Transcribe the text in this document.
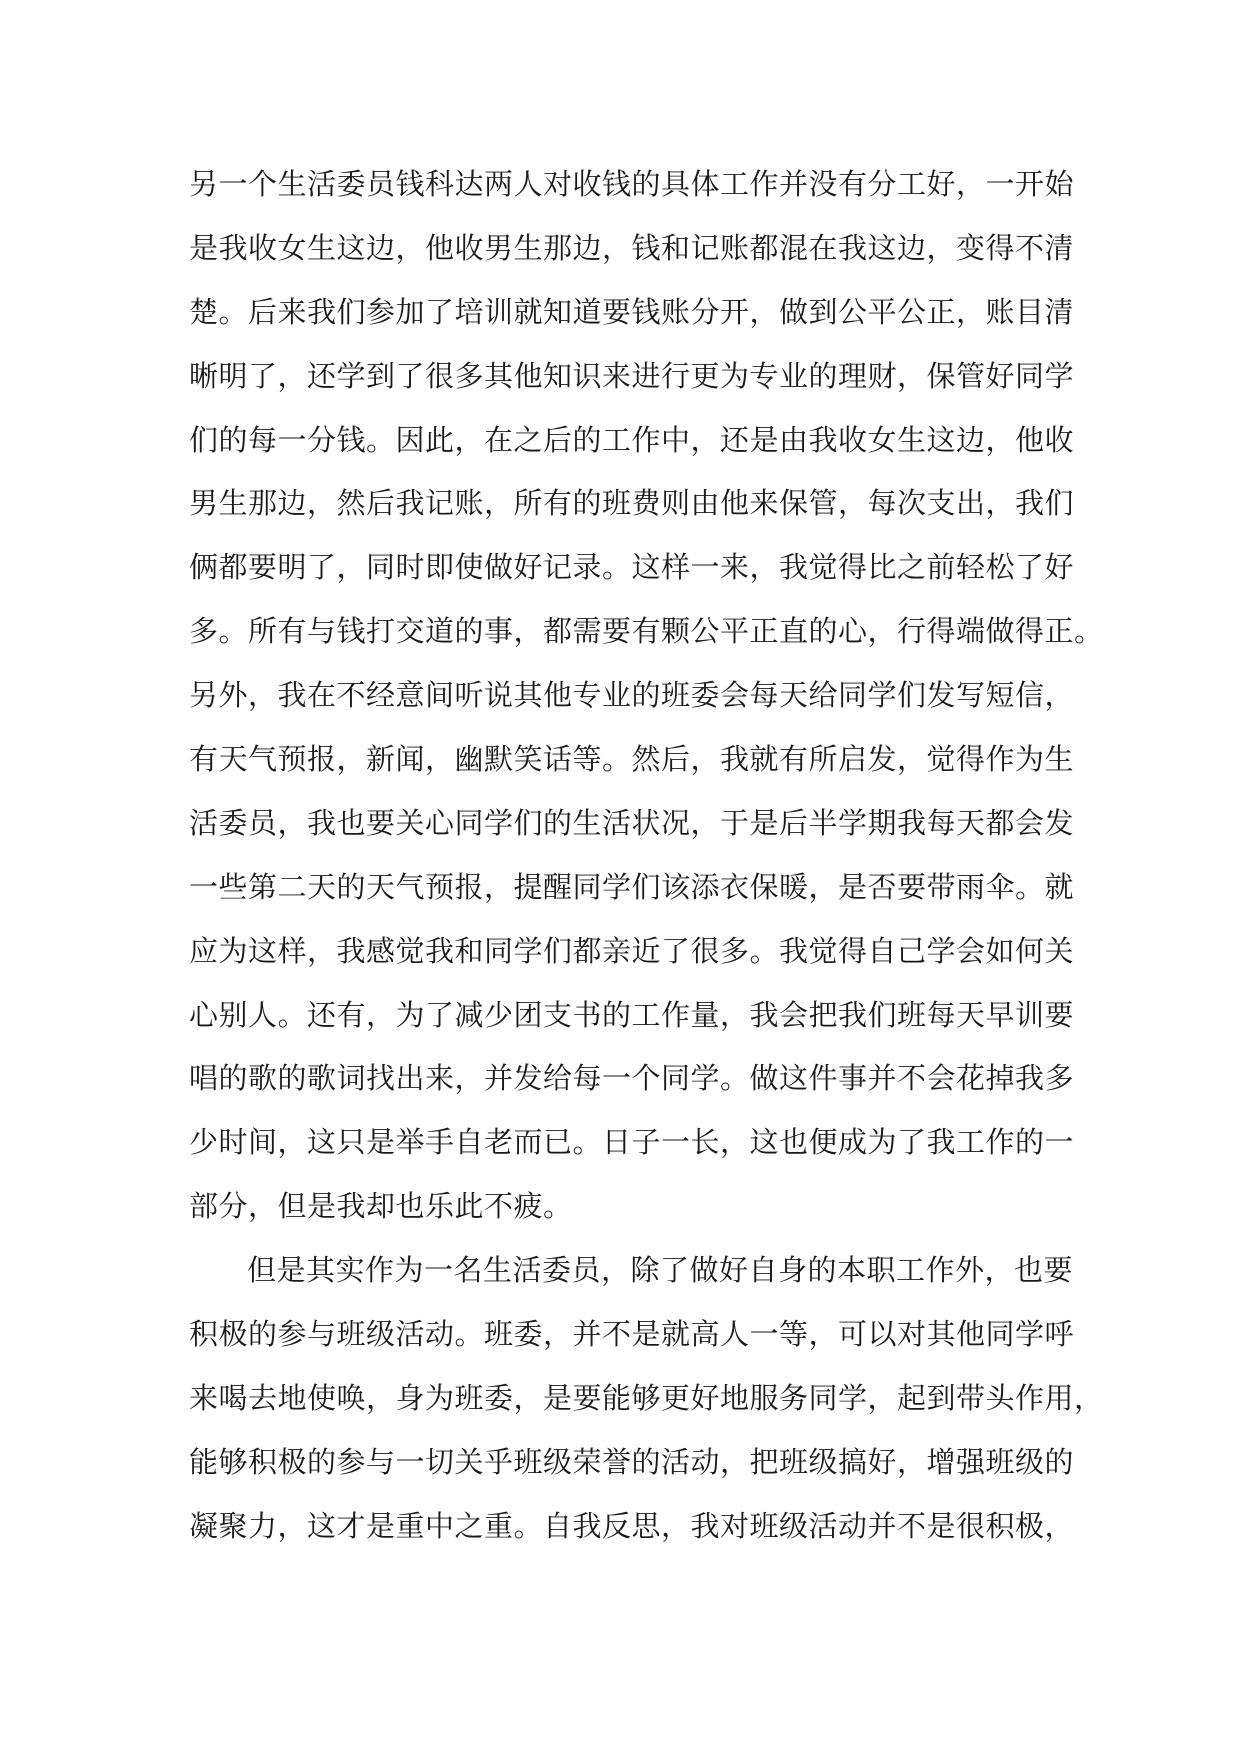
另一个生活委员钱科达两人对收钱的具体工作并没有分工好，一开始
是我收女生这边，他收男生那边，钱和记账都混在我这边，变得不清
楚。后来我们参加了培训就知道要钱账分开，做到公平公正，账目清
晰明了，还学到了很多其他知识来进行更为专业的理财，保管好同学
们的每一分钱。因此，在之后的工作中，还是由我收女生这边，他收
男生那边，然后我记账，所有的班费则由他来保管，每次支出，我们
俩都要明了，同时即使做好记录。这样一来，我觉得比之前轻松了好
多。所有与钱打交道的事，都需要有颗公平正直的心，行得端做得正。
另外，我在不经意间听说其他专业的班委会每天给同学们发写短信，
有天气预报，新闻，幽默笑话等。然后，我就有所启发，觉得作为生
活委员，我也要关心同学们的生活状况，于是后半学期我每天都会发
一些第二天的天气预报，提醒同学们该添衣保暖，是否要带雨伞。就
应为这样，我感觉我和同学们都亲近了很多。我觉得自己学会如何关
心别人。还有，为了减少团支书的工作量，我会把我们班每天早训要
唱的歌的歌词找出来，并发给每一个同学。做这件事并不会花掉我多
少时间，这只是举手自老而已。日子一长，这也便成为了我工作的一
部分，但是我却也乐此不疲。
但是其实作为一名生活委员，除了做好自身的本职工作外，也要
积极的参与班级活动。班委，并不是就高人一等，可以对其他同学呼
来喝去地使唤，身为班委，是要能够更好地服务同学，起到带头作用，
能够积极的参与一切关乎班级荣誉的活动，把班级搞好，增强班级的
凝聚力，这才是重中之重。自我反思，我对班级活动并不是很积极，
